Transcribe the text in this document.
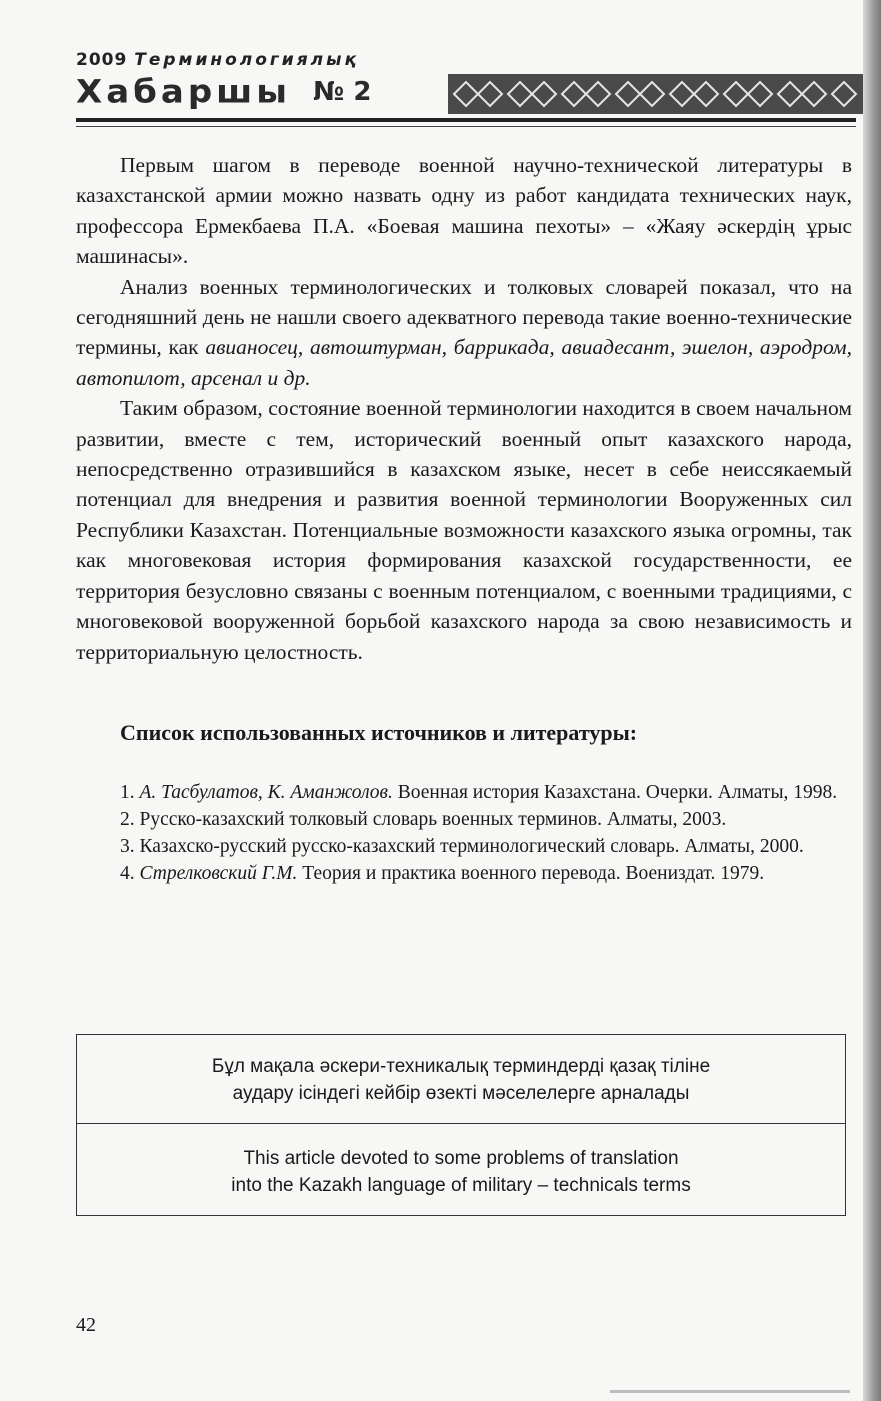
2009 Терминологиялық
Хабаршы № 2

Первым шагом в переводе военной научно-технической литературы в казахстанской армии можно назвать одну из работ кандидата технических наук, профессора Ермекбаева П.А. «Боевая машина пехоты» – «Жаяу әскердің ұрыс машинасы».

Анализ военных терминологических и толковых словарей показал, что на сегодняшний день не нашли своего адекватного перевода такие военно-технические термины, как авианосец, автоштурман, баррикада, авиадесант, эшелон, аэродром, автопилот, арсенал и др.

Таким образом, состояние военной терминологии находится в своем начальном развитии, вместе с тем, исторический военный опыт казахского народа, непосредственно отразившийся в казахском языке, несет в себе неиссякаемый потенциал для внедрения и развития военной терминологии Вооруженных сил Республики Казахстан. Потенциальные возможности казахского языка огромны, так как многовековая история формирования казахской государственности, ее территория безусловно связаны с военным потенциалом, с военными традициями, с многовековой вооруженной борьбой казахского народа за свою независимость и территориальную целостность.

Список использованных источников и литературы:

1. А. Тасбулатов, К. Аманжолов. Военная история Казахстана. Очерки. Алматы, 1998.

2. Русско-казахский толковый словарь военных терминов. Алматы, 2003.

3. Казахско-русский русско-казахский терминологический словарь. Алматы, 2000.

4. Стрелковский Г.М. Теория и практика военного перевода. Воениздат. 1979.

Бұл мақала әскери-техникалық терминдерді қазақ тіліне
аудару ісіндегі кейбір өзекті мәселелерге арналады
This article devoted to some problems of translation
into the Kazakh language of military – technicals terms
42
